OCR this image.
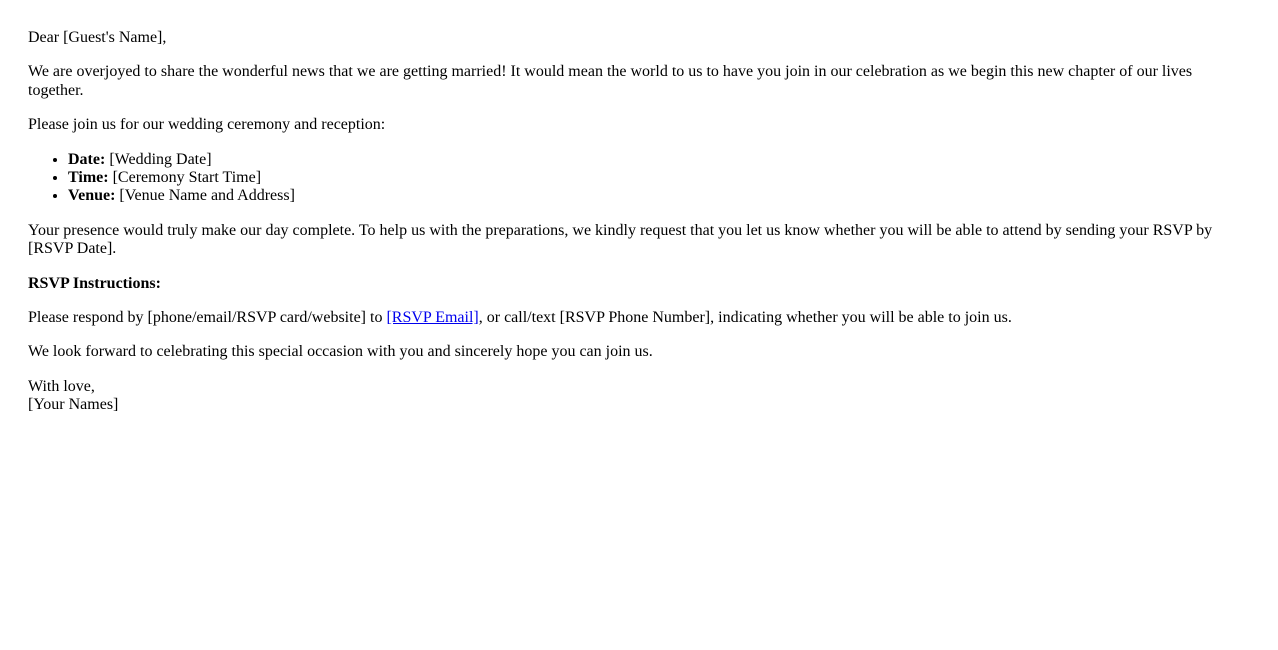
Dear [Guest's Name],

We are overjoyed to share the wonderful news that we are getting married! It would mean the world to us to have you join in our celebration as we begin this new chapter of our lives together.

Please join us for our wedding ceremony and reception:

• Date: [Wedding Date]
• Time: [Ceremony Start Time]
• Venue: [Venue Name and Address]

Your presence would truly make our day complete. To help us with the preparations, we kindly request that you let us know whether you will be able to attend by sending your RSVP by [RSVP Date].

RSVP Instructions:

Please respond by [phone/email/RSVP card/website] to [RSVP Email], or call/text [RSVP Phone Number], indicating whether you will be able to join us.

We look forward to celebrating this special occasion with you and sincerely hope you can join us.

With love,
[Your Names]
